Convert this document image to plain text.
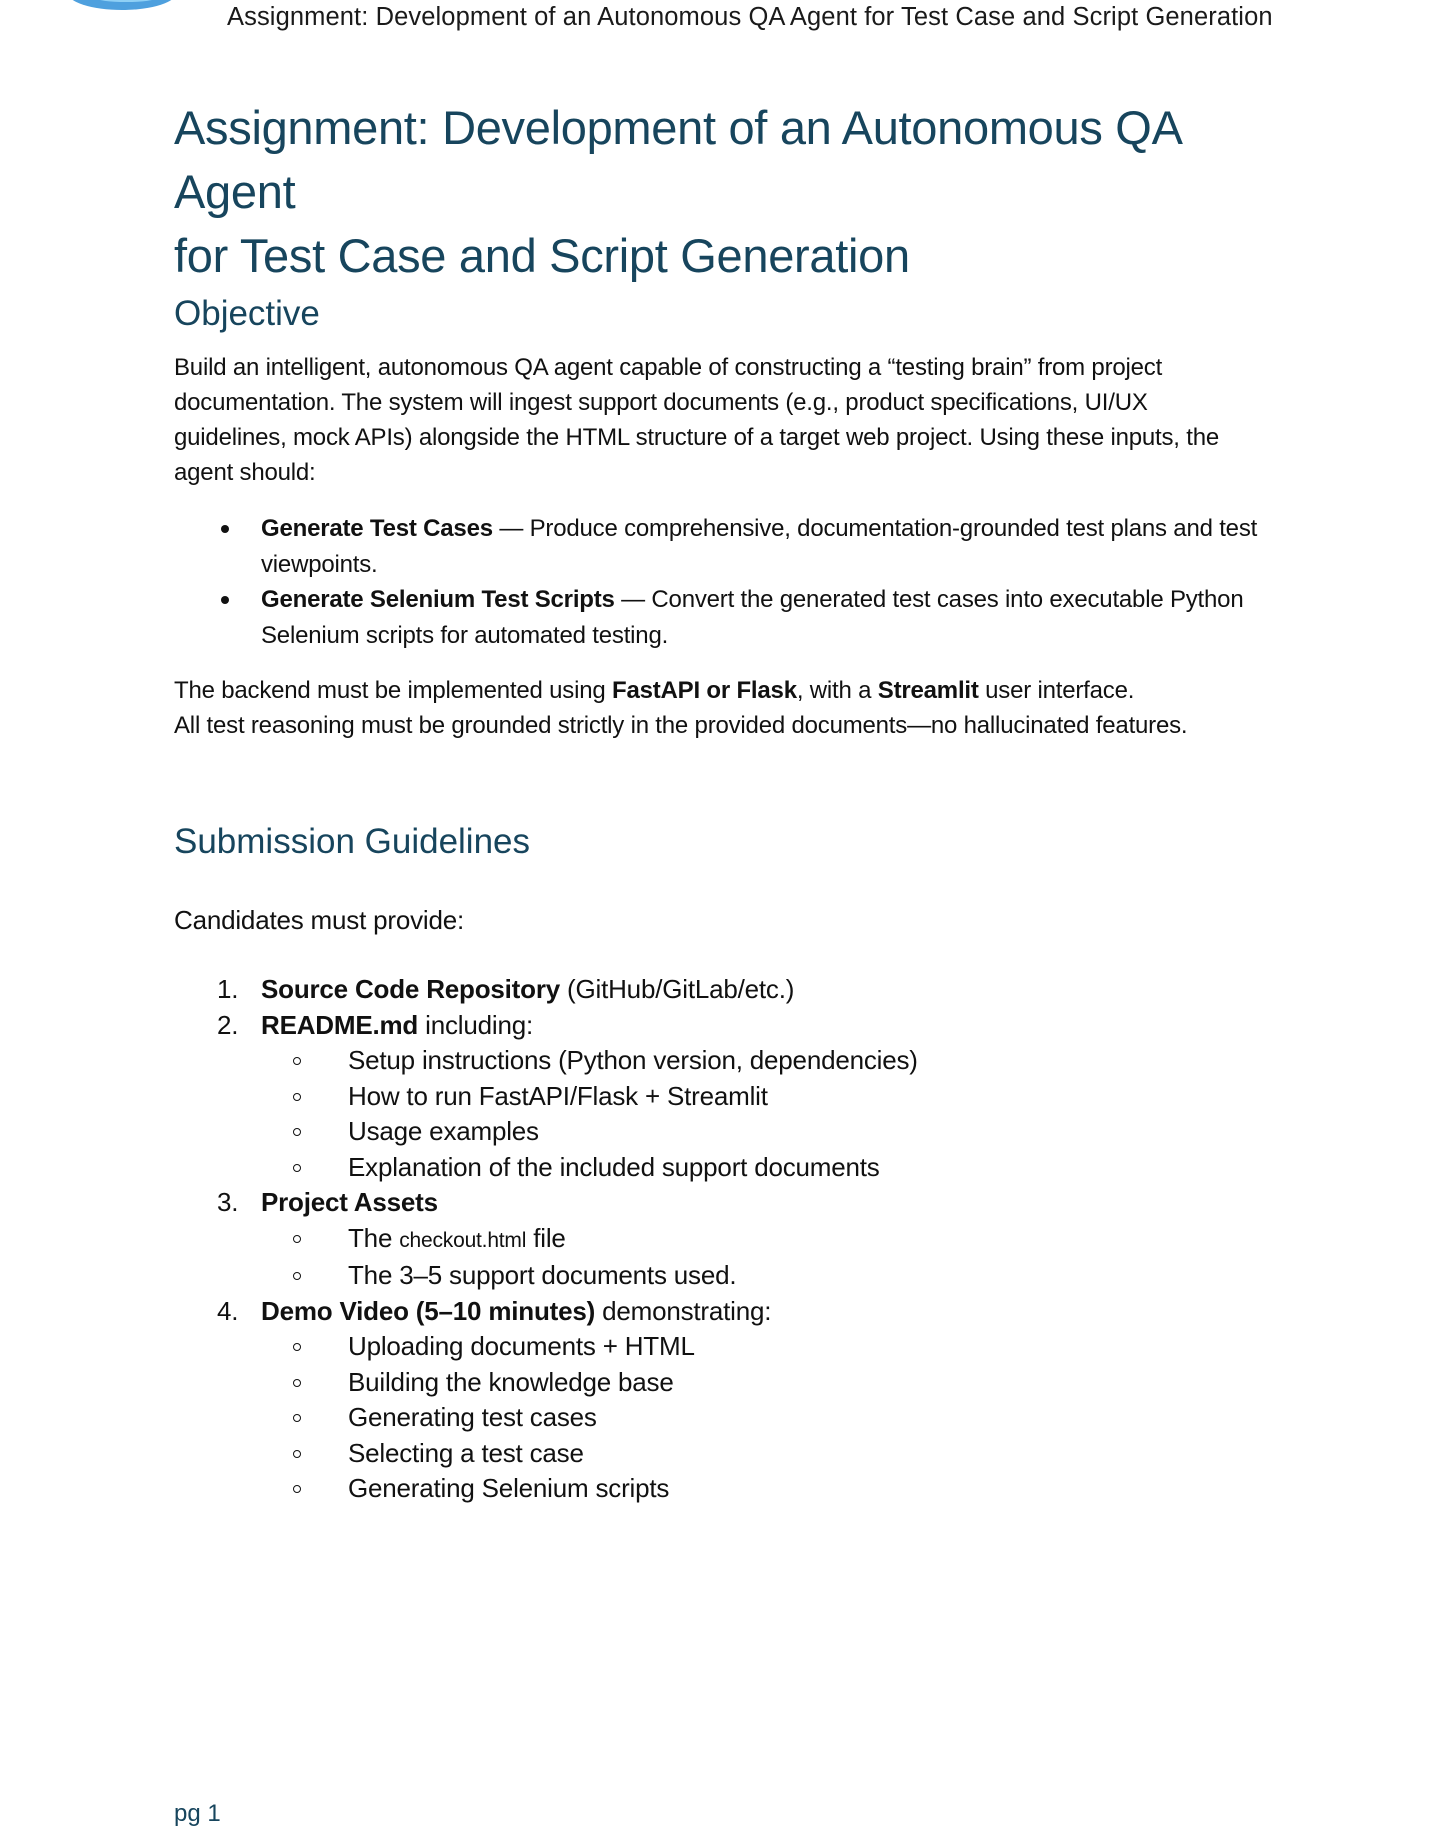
Assignment: Development of an Autonomous QA Agent for Test Case and Script Generation
Assignment: Development of an Autonomous QA Agent
for Test Case and Script Generation
Objective

Build an intelligent, autonomous QA agent capable of constructing a “testing brain” from project documentation. The system will ingest support documents (e.g., product specifications, UI/UX guidelines, mock APIs) alongside the HTML structure of a target web project. Using these inputs, the agent should:

Generate Test Cases — Produce comprehensive, documentation-grounded test plans and test viewpoints.
Generate Selenium Test Scripts — Convert the generated test cases into executable Python Selenium scripts for automated testing.

The backend must be implemented using FastAPI or Flask, with a Streamlit user interface.
All test reasoning must be grounded strictly in the provided documents—no hallucinated features.

Submission Guidelines

Candidates must provide:

1. Source Code Repository (GitHub/GitLab/etc.)
2. README.md including:
Setup instructions (Python version, dependencies)
How to run FastAPI/Flask + Streamlit
Usage examples
Explanation of the included support documents
3. Project Assets
The checkout.html file
The 3–5 support documents used.
4. Demo Video (5–10 minutes) demonstrating:
Uploading documents + HTML
Building the knowledge base
Generating test cases
Selecting a test case
Generating Selenium scripts
pg 1
